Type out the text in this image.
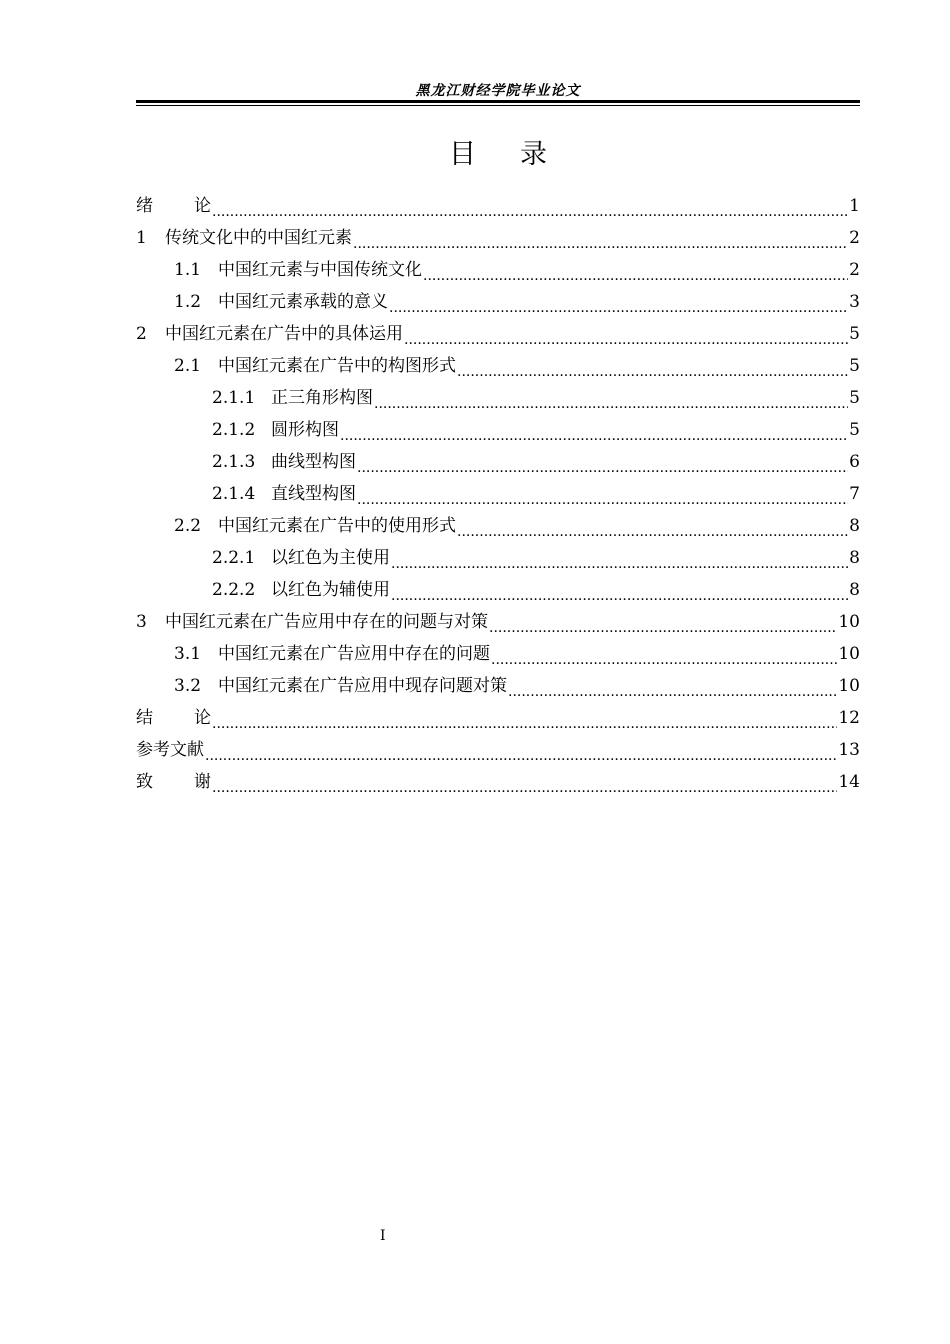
黑龙江财经学院毕业论文
目 录
绪	论 .....	1
1	传统文化中的中国红元素 .....	2
1.1 中国红元素与中国传统文化 .....	2
1.2 中国红元素承载的意义 .....	3
2	中国红元素在广告中的具体运用 .....	5
2.1 中国红元素在广告中的构图形式 .....	5
2.1.1 正三角形构图 .....	5
2.1.2 圆形构图 .....	5
2.1.3 曲线型构图 .....	6
2.1.4 直线型构图 .....	7
2.2 中国红元素在广告中的使用形式 .....	8
2.2.1 以红色为主使用 .....	8
2.2.2 以红色为辅使用 .....	8
3	中国红元素在广告应用中存在的问题与对策 .....	10
3.1 中国红元素在广告应用中存在的问题 .....	10
3.2 中国红元素在广告应用中现存问题对策 .....	10
结	论 .....	12
参考文献 .....	13
致	谢 .....	14
I
